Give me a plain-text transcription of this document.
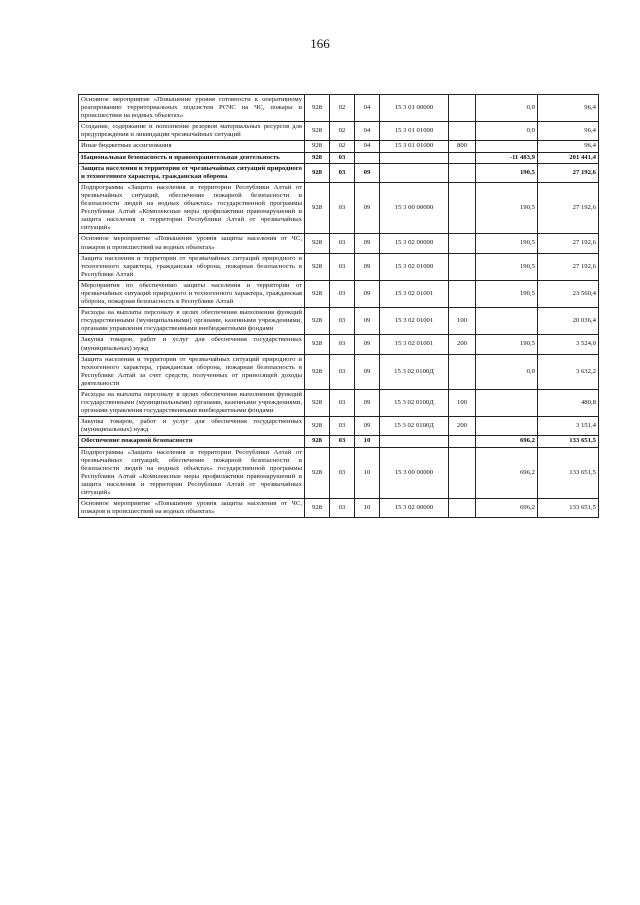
166
Основное мероприятие «Повышение уровня готовности к оперативному реагированию территориальных подсистем РСЧС на ЧС, пожары и происшествия на водных объектах»	928	02	04	15 3 01 00000		0,0	96,4
Создание, содержание и пополнение резервов материальных ресурсов для предупреждения и ликвидации чрезвычайных ситуаций	928	02	04	15 3 01 01000		0,0	96,4
Иные бюджетные ассигнования	928	02	04	15 3 01 01000	800		96,4
Национальная безопасность и правоохранительная деятельность	928	03				-11 483,9	201 441,4
Защита населения и территории от чрезвычайных ситуаций природного и техногенного характера, гражданская оборона	928	03	09			190,5	27 192,6
Подпрограмма «Защита населения и территории Республики Алтай от чрезвычайных ситуаций, обеспечение пожарной безопасности и безопасности людей на водных объектах» государственной программы Республики Алтай «Комплексные меры профилактики правонарушений и защита населения и территории Республики Алтай от чрезвычайных ситуаций»	928	03	09	15 3 00 00000		190,5	27 192,6
Основное мероприятие «Повышение уровня защиты населения от ЧС, пожаров и происшествий на водных объектах»	928	03	09	15 3 02 00000		190,5	27 192,6
Защита населения и территории от чрезвычайных ситуаций природного и техногенного характера, гражданская оборона, пожарная безопасность в Республике Алтай	928	03	09	15 3 02 01000		190,5	27 192,6
Мероприятия по обеспечению защиты населения и территории от чрезвычайных ситуаций природного и техногенного характера, гражданская оборона, пожарная безопасность в Республике Алтай	928	03	09	15 3 02 01001		190,5	23 560,4
Расходы на выплаты персоналу в целях обеспечения выполнения функций государственными (муниципальными) органами, казенными учреждениями, органами управления государственными внебюджетными фондами	928	03	09	15 3 02 01001	100		20 036,4
Закупка товаров, работ и услуг для обеспечения государственных (муниципальных) нужд	928	03	09	15 3 02 01001	200	190,5	3 524,0
Защита населения и территории от чрезвычайных ситуаций природного и техногенного характера, гражданская оборона, пожарная безопасность в Республике Алтай за счет средств, полученных от приносящей доходы деятельности	928	03	09	15 3 02 0100Д		0,0	3 632,2
Расходы на выплаты персоналу в целях обеспечения выполнения функций государственными (муниципальными) органами, казенными учреждениями, органами управления государственными внебюджетными фондами	928	03	09	15 3 02 0100Д	100		480,8
Закупка товаров, работ и услуг для обеспечения государственных (муниципальных) нужд	928	03	09	15 3 02 0100Д	200		3 151,4
Обеспечение пожарной безопасности	928	03	10			696,2	133 651,5
Подпрограмма «Защита населения и территории Республики Алтай от чрезвычайных ситуаций, обеспечение пожарной безопасности и безопасности людей на водных объектах» государственной программы Республики Алтай «Комплексные меры профилактики правонарушений и защита населения и территории Республики Алтай от чрезвычайных ситуаций»	928	03	10	15 3 00 00000		696,2	133 651,5
Основное мероприятие «Повышение уровня защиты населения от ЧС, пожаров и происшествий на водных объектах»	928	03	10	15 3 02 00000		696,2	133 651,5
